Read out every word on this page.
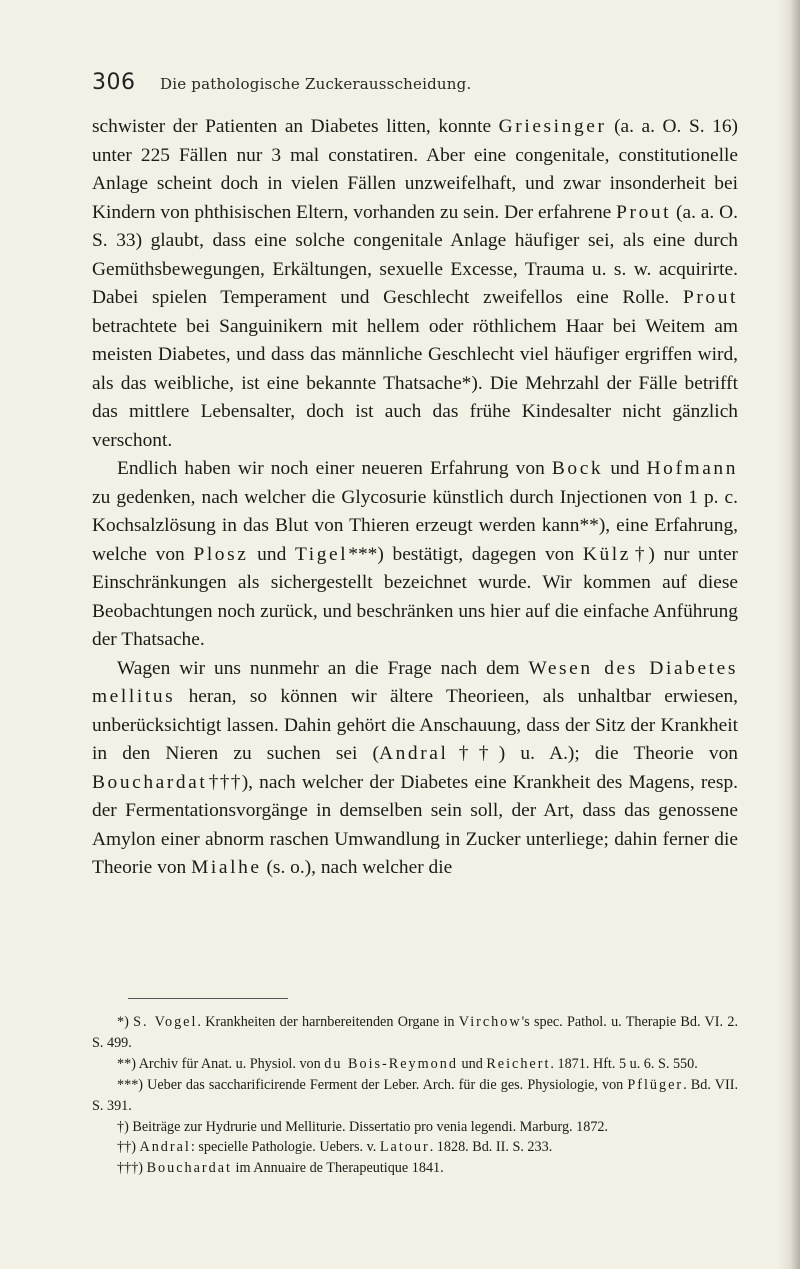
306 Die pathologische Zuckerausscheidung.

schwister der Patienten an Diabetes litten, konnte Griesinger (a. a. O. S. 16) unter 225 Fällen nur 3 mal constatiren. Aber eine congenitale, constitutionelle Anlage scheint doch in vielen Fällen unzweifelhaft, und zwar insonderheit bei Kindern von phthisischen Eltern, vorhanden zu sein. Der erfahrene Prout (a. a. O. S. 33) glaubt, dass eine solche congenitale Anlage häufiger sei, als eine durch Gemüthsbewegungen, Erkältungen, sexuelle Excesse, Trauma u. s. w. acquirirte. Dabei spielen Temperament und Geschlecht zweifellos eine Rolle. Prout betrachtete bei Sanguinikern mit hellem oder röthlichem Haar bei Weitem am meisten Diabetes, und dass das männliche Geschlecht viel häufiger ergriffen wird, als das weibliche, ist eine bekannte Thatsache*). Die Mehrzahl der Fälle betrifft das mittlere Lebensalter, doch ist auch das frühe Kindesalter nicht gänzlich verschont.

Endlich haben wir noch einer neueren Erfahrung von Bock und Hofmann zu gedenken, nach welcher die Glycosurie künstlich durch Injectionen von 1 p. c. Kochsalzlösung in das Blut von Thieren erzeugt werden kann**), eine Erfahrung, welche von Plosz und Tigel***) bestätigt, dagegen von Külz†) nur unter Einschränkungen als sichergestellt bezeichnet wurde. Wir kommen auf diese Beobachtungen noch zurück, und beschränken uns hier auf die einfache Anführung der Thatsache.

Wagen wir uns nunmehr an die Frage nach dem Wesen des Diabetes mellitus heran, so können wir ältere Theorieen, als unhaltbar erwiesen, unberücksichtigt lassen. Dahin gehört die Anschauung, dass der Sitz der Krankheit in den Nieren zu suchen sei (Andral††) u. A.); die Theorie von Bouchardat†††), nach welcher der Diabetes eine Krankheit des Magens, resp. der Fermentationsvorgänge in demselben sein soll, der Art, dass das genossene Amylon einer abnorm raschen Umwandlung in Zucker unterliege; dahin ferner die Theorie von Mialhe (s. o.), nach welcher die

*) S. Vogel. Krankheiten der harnbereitenden Organe in Virchow's spec. Pathol. u. Therapie Bd. VI. 2. S. 499.

**) Archiv für Anat. u. Physiol. von du Bois-Reymond und Reichert. 1871. Hft. 5 u. 6. S. 550.

***) Ueber das saccharificirende Ferment der Leber. Arch. für die ges. Physiologie, von Pflüger. Bd. VII. S. 391.

†) Beiträge zur Hydrurie und Melliturie. Dissertatio pro venia legendi. Marburg. 1872.

††) Andral: specielle Pathologie. Uebers. v. Latour. 1828. Bd. II. S. 233.

†††) Bouchardat im Annuaire de Therapeutique 1841.
